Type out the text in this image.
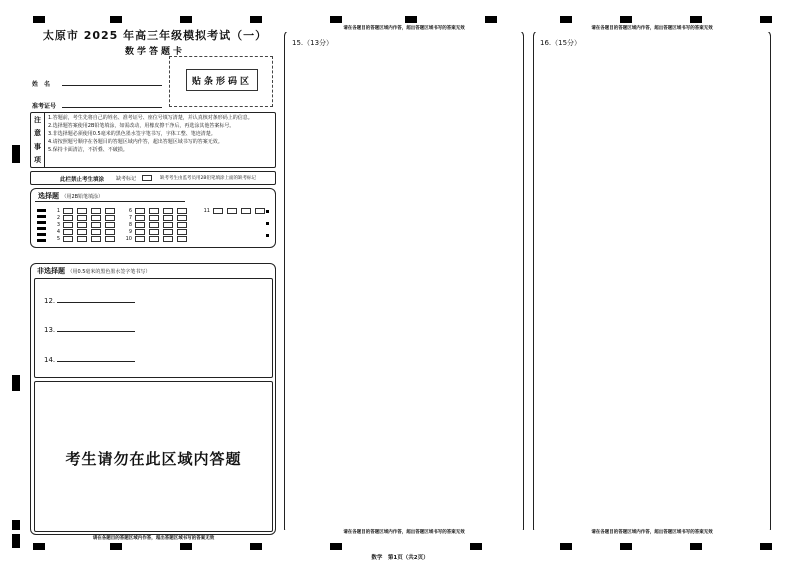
太原市 2025 年高三年级模拟考试（一）
数学答题卡
姓　名
准考证号
贴条形码区
注
意
事
项
1.答题前，考生先将自己的姓名、准考证号、座位号填写清楚，并认真核对条形码上的信息。
2.选择题答案使用2B铅笔填涂，如需改动，用橡皮擦干净后，再选涂其他答案标号。
3.非选择题必须使用0.5毫米的黑色墨水签字笔书写，字体工整、笔迹清楚。
4.请按照题号顺序在各题目的答题区域内作答，超出答题区域书写的答案无效。
5.保持卡面清洁，不折叠、不破损。
此栏禁止考生填涂 缺考标记	缺考考生由监考员用2B铅笔填涂上面的缺考标记
选择题 （用2B铅笔填涂）
1
2
3
4
5
6
7
8
9
10
11
非选择题 （用0.5毫米的黑色墨水签字笔书写）
12.
13.
14.
考生请勿在此区域内答题
请在各题目的答题区域内作答，超出答题区域书写的答案无效
请在各题目的答题区域内作答，超出答题区域书写的答案无效
15.（13分）
请在各题目的答题区域内作答，超出答题区域书写的答案无效
请在各题目的答题区域内作答，超出答题区域书写的答案无效
16.（15分）
请在各题目的答题区域内作答，超出答题区域书写的答案无效
数学　第1页（共2页）
